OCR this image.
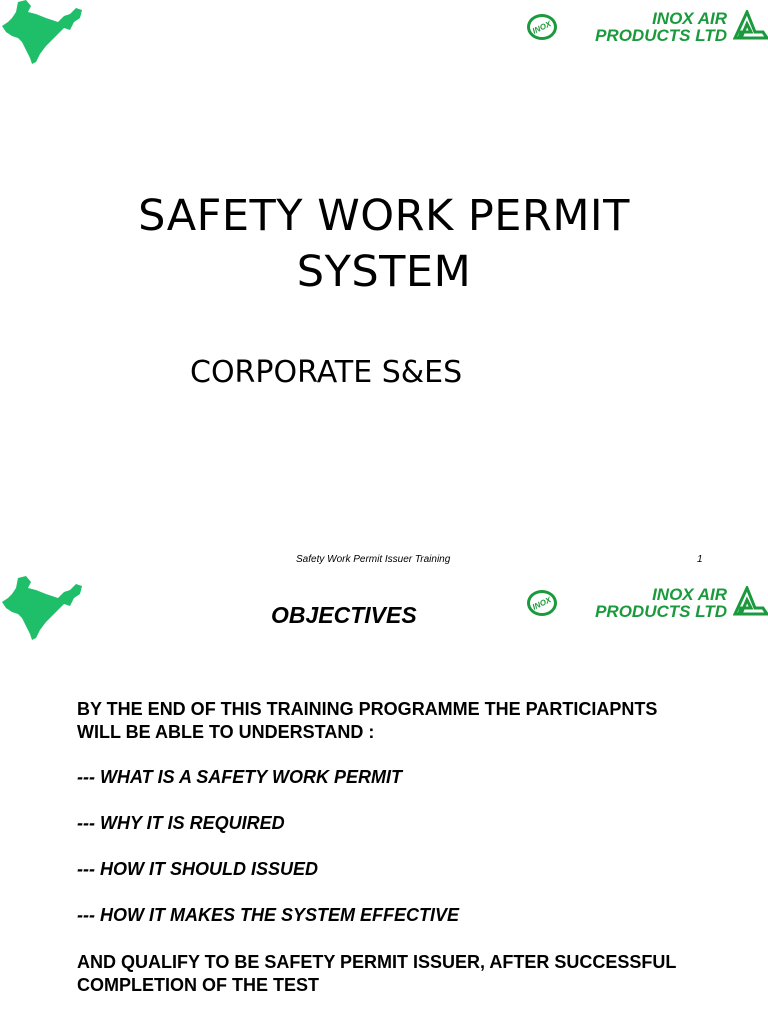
INOX	INOX AIR
PRODUCTS LTD
SAFETY WORK PERMIT
SYSTEM
CORPORATE S&ES
Safety Work Permit Issuer Training	1
INOX	INOX AIR
PRODUCTS LTD
OBJECTIVES
BY THE END OF THIS TRAINING PROGRAMME THE PARTICIAPNTS
WILL BE ABLE TO UNDERSTAND :
--- WHAT IS A SAFETY WORK PERMIT
--- WHY IT IS REQUIRED
--- HOW IT SHOULD ISSUED
--- HOW IT MAKES THE SYSTEM EFFECTIVE
AND QUALIFY TO BE SAFETY PERMIT ISSUER, AFTER SUCCESSFUL
COMPLETION OF THE TEST
